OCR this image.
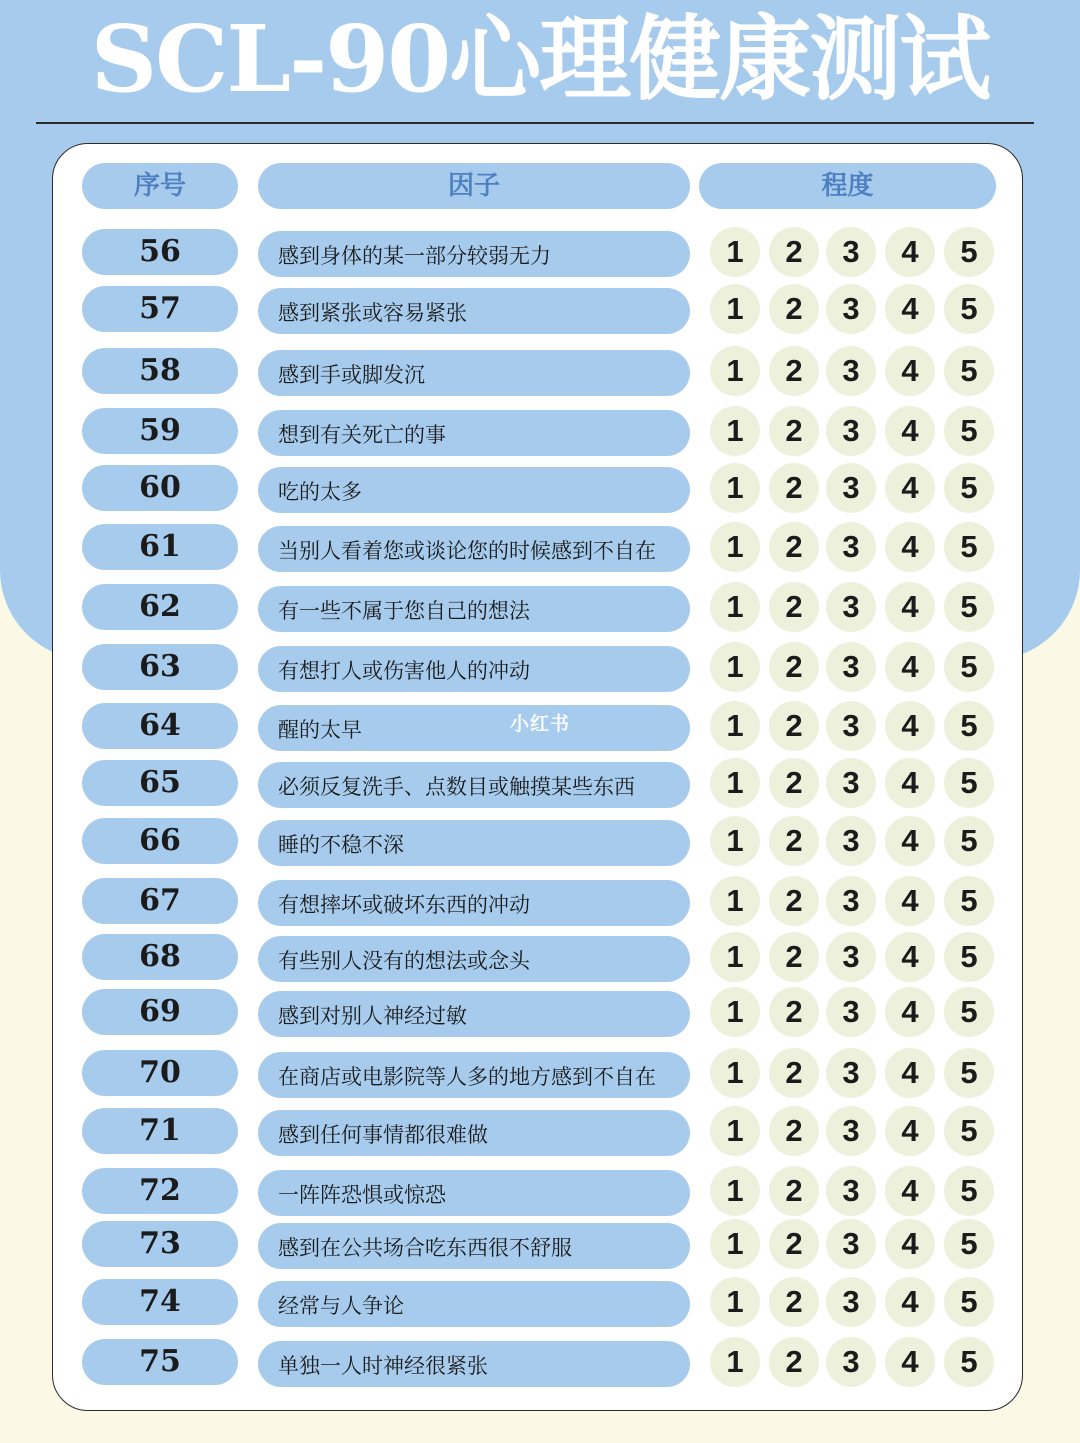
SCL-90心理健康测试
序号	因子	程度
56	感到身体的某一部分较弱无力	1	2	3	4	5
57	感到紧张或容易紧张	1	2	3	4	5
58	感到手或脚发沉	1	2	3	4	5
59	想到有关死亡的事	1	2	3	4	5
60	吃的太多	1	2	3	4	5
61	当别人看着您或谈论您的时候感到不自在	1	2	3	4	5
62	有一些不属于您自己的想法	1	2	3	4	5
63	有想打人或伤害他人的冲动	1	2	3	4	5
64	醒的太早	1	2	3	4	5
65	必须反复洗手、点数目或触摸某些东西	1	2	3	4	5
66	睡的不稳不深	1	2	3	4	5
67	有想摔坏或破坏东西的冲动	1	2	3	4	5
68	有些别人没有的想法或念头	1	2	3	4	5
69	感到对别人神经过敏	1	2	3	4	5
70	在商店或电影院等人多的地方感到不自在	1	2	3	4	5
71	感到任何事情都很难做	1	2	3	4	5
72	一阵阵恐惧或惊恐	1	2	3	4	5
73	感到在公共场合吃东西很不舒服	1	2	3	4	5
74	经常与人争论	1	2	3	4	5
75	单独一人时神经很紧张	1	2	3	4	5
小红书
